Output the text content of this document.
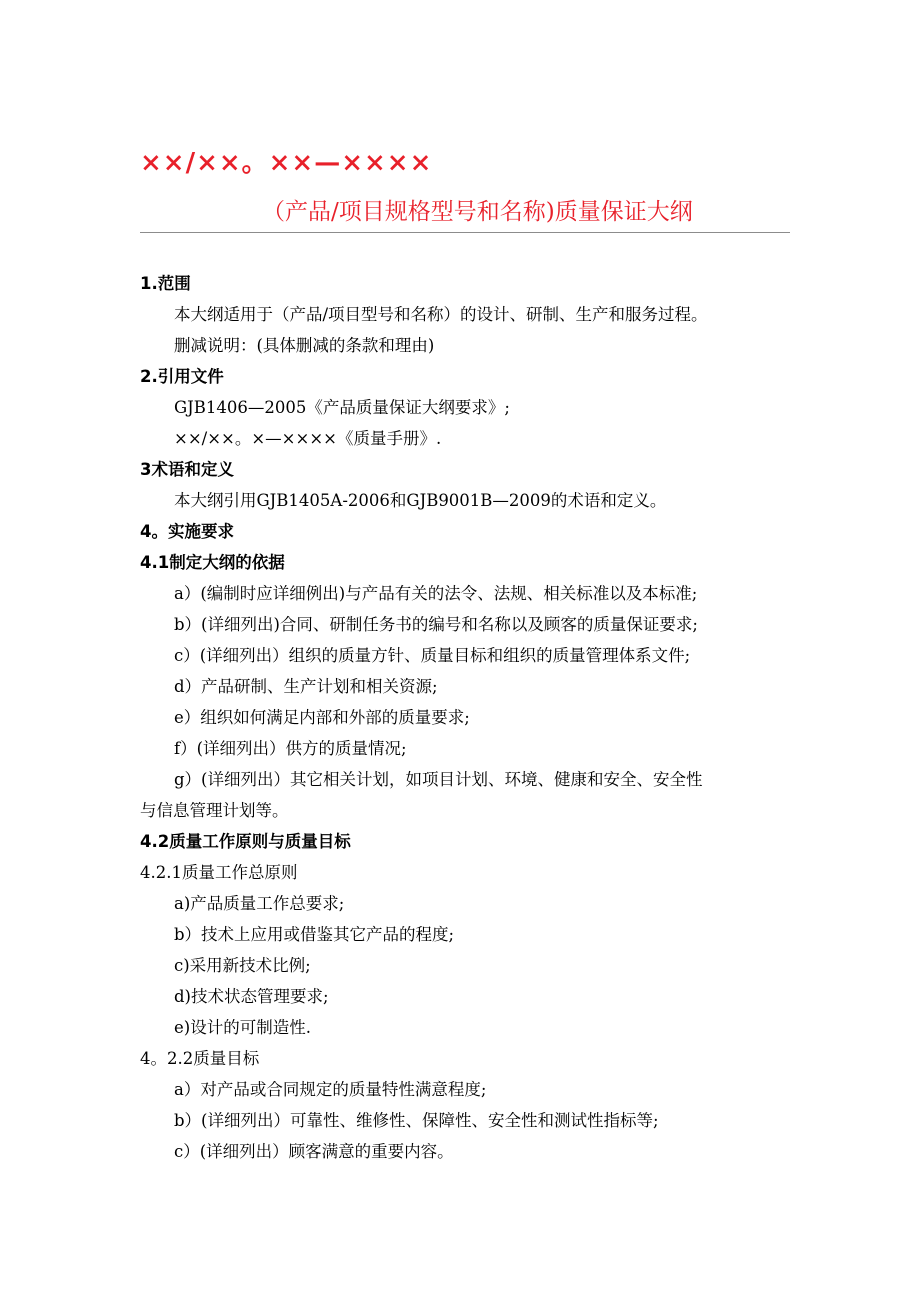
××/××。××—××××
（产品/项目规格型号和名称)质量保证大纲
1.范围
本大纲适用于（产品/项目型号和名称）的设计、研制、生产和服务过程。
删减说明：(具体删减的条款和理由)
2.引用文件
GJB1406—2005《产品质量保证大纲要求》;
××/××。×—××××《质量手册》.
3术语和定义
本大纲引用GJB1405A-2006和GJB9001B—2009的术语和定义。
4。实施要求
4.1制定大纲的依据
a）(编制时应详细例出)与产品有关的法令、法规、相关标准以及本标准;
b）(详细列出)合同、研制任务书的编号和名称以及顾客的质量保证要求;
c）(详细列出）组织的质量方针、质量目标和组织的质量管理体系文件;
d）产品研制、生产计划和相关资源;
e）组织如何满足内部和外部的质量要求;
f）(详细列出）供方的质量情况;
g）(详细列出）其它相关计划，如项目计划、环境、健康和安全、安全性
与信息管理计划等。
4.2质量工作原则与质量目标
4.2.1质量工作总原则
a)产品质量工作总要求;
b）技术上应用或借鉴其它产品的程度;
c)采用新技术比例;
d)技术状态管理要求;
e)设计的可制造性.
4。2.2质量目标
a）对产品或合同规定的质量特性满意程度;
b）(详细列出）可靠性、维修性、保障性、安全性和测试性指标等;
c）(详细列出）顾客满意的重要内容。
